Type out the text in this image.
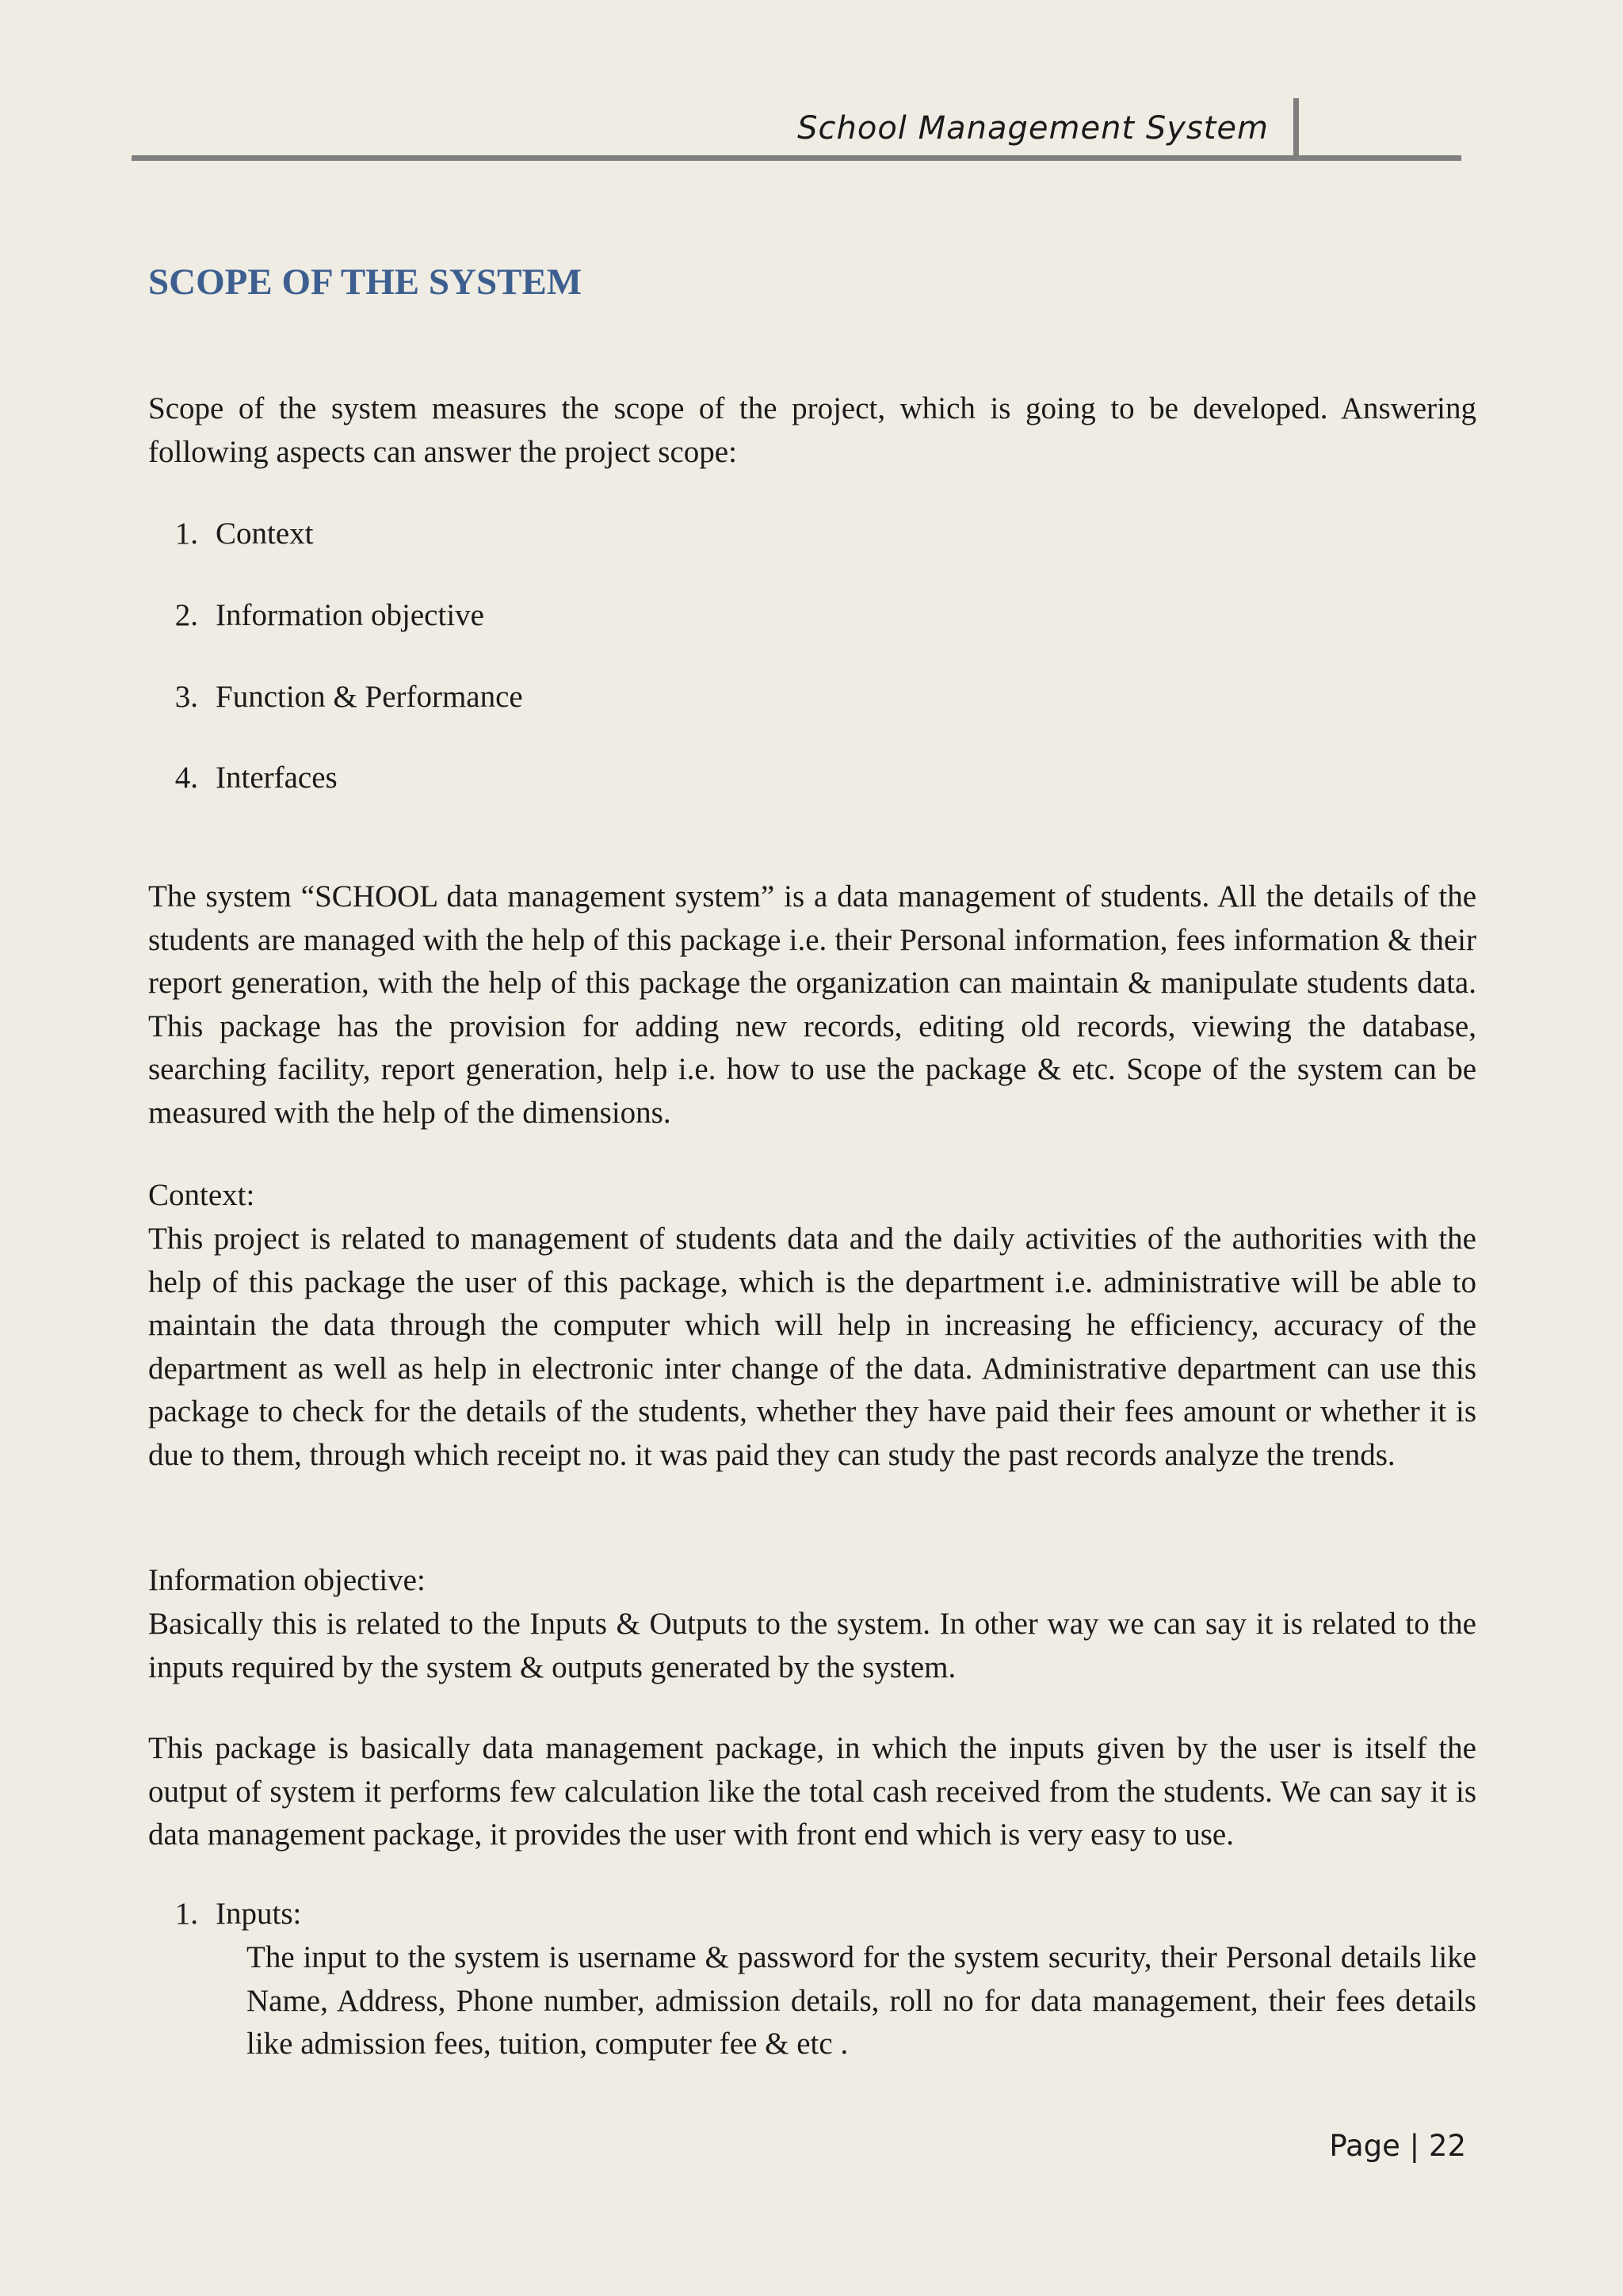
School Management System
SCOPE OF THE SYSTEM

Scope of the system measures the scope of the project, which is going to be developed. Answering following aspects can answer the project scope:

1. Context
2. Information objective
3. Function & Performance
4. Interfaces

The system “SCHOOL data management system” is a data management of students. All the details of the students are managed with the help of this package i.e. their Personal information, fees information & their report generation, with the help of this package the organization can maintain & manipulate students data. This package has the provision for adding new records, editing old records, viewing the database, searching facility, report generation, help i.e. how to use the package & etc. Scope of the system can be measured with the help of the dimensions.

Context:

This project is related to management of students data and the daily activities of the authorities with the help of this package the user of this package, which is the department i.e. administrative will be able to maintain the data through the computer which will help in increasing he efficiency, accuracy of the department as well as help in electronic inter change of the data. Administrative department can use this package to check for the details of the students, whether they have paid their fees amount or whether it is due to them, through which receipt no. it was paid they can study the past records analyze the trends.

Information objective:

Basically this is related to the Inputs & Outputs to the system. In other way we can say it is related to the inputs required by the system & outputs generated by the system.

This package is basically data management package, in which the inputs given by the user is itself the output of system it performs few calculation like the total cash received from the students. We can say it is data management package, it provides the user with front end which is very easy to use.

1. Inputs:

The input to the system is username & password for the system security, their Personal details like Name, Address, Phone number, admission details, roll no for data management, their fees details like admission fees, tuition, computer fee & etc .

Page | 22
